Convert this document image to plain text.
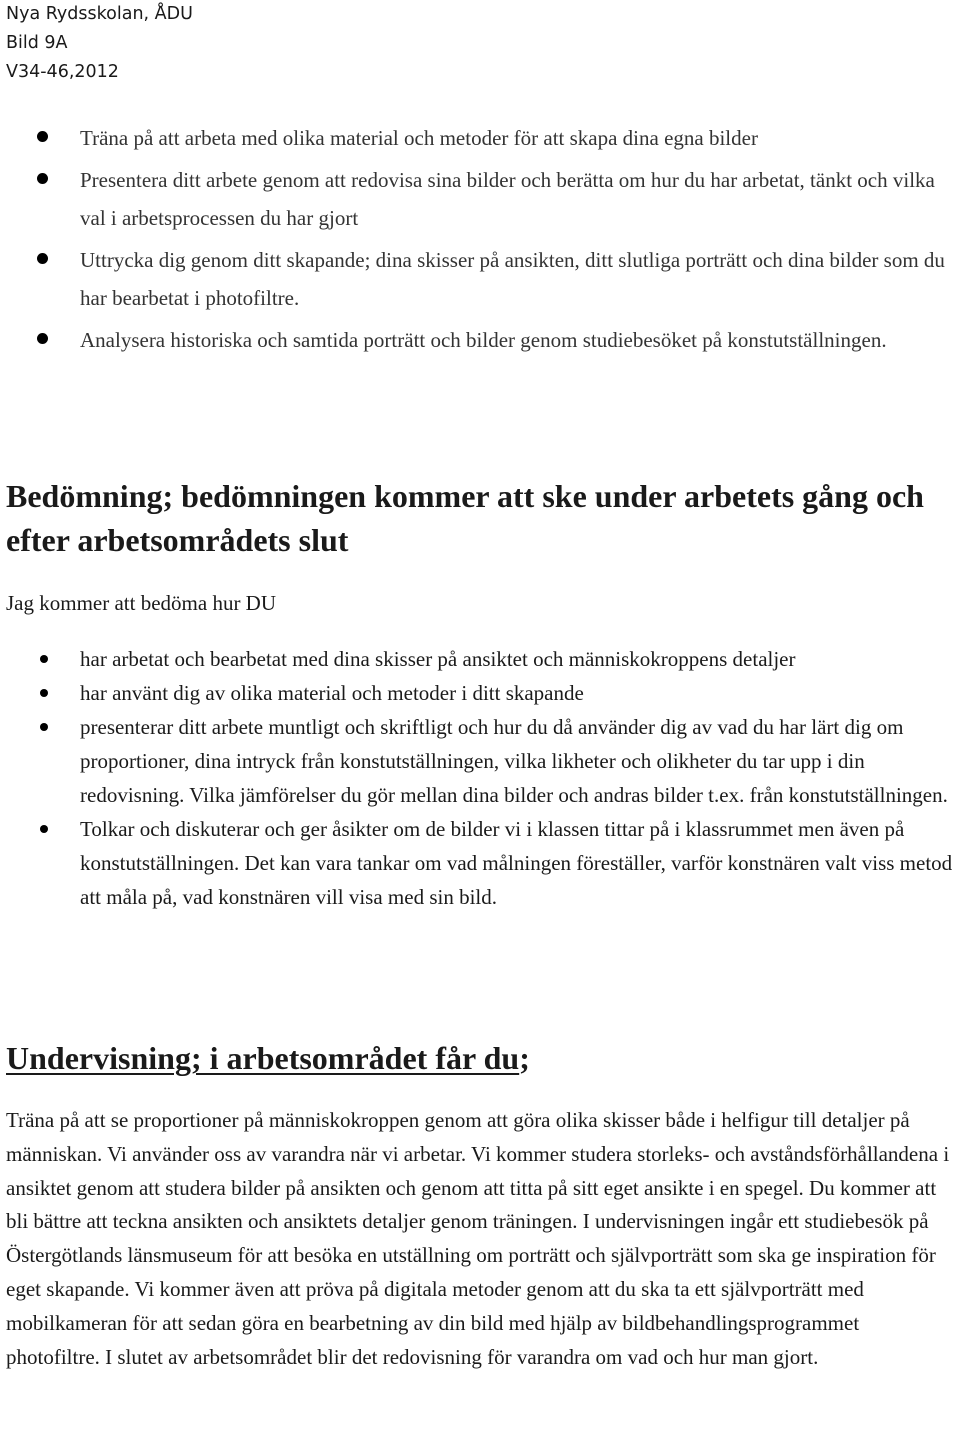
Nya Rydsskolan, ÅDU
Bild 9A
V34-46,2012
Träna på att arbeta med olika material och metoder för att skapa dina egna bilder
Presentera ditt arbete genom att redovisa sina bilder och berätta om hur du har arbetat, tänkt och vilka val i arbetsprocessen du har gjort
Uttrycka dig genom ditt skapande; dina skisser på ansikten, ditt slutliga porträtt och dina bilder som du har bearbetat i photofiltre.
Analysera historiska och samtida porträtt och bilder genom studiebesöket på konstutställningen.
Bedömning; bedömningen kommer att ske under arbetets gång och efter arbetsområdets slut

Jag kommer att bedöma hur DU

har arbetat och bearbetat med dina skisser på ansiktet och människokroppens detaljer
har använt dig av olika material och metoder i ditt skapande
presenterar ditt arbete muntligt och skriftligt och hur du då använder dig av vad du har lärt dig om proportioner, dina intryck från konstutställningen, vilka likheter och olikheter du tar upp i din redovisning. Vilka jämförelser du gör mellan dina bilder och andras bilder t.ex. från konstutställningen.
Tolkar och diskuterar och ger åsikter om de bilder vi i klassen tittar på i klassrummet men även på konstutställningen. Det kan vara tankar om vad målningen föreställer, varför konstnären valt viss metod att måla på, vad konstnären vill visa med sin bild.
Undervisning; i arbetsområdet får du;

Träna på att se proportioner på människokroppen genom att göra olika skisser både i helfigur till detaljer på människan. Vi använder oss av varandra när vi arbetar. Vi kommer studera storleks- och avståndsförhållandena i ansiktet genom att studera bilder på ansikten och genom att titta på sitt eget ansikte i en spegel. Du kommer att bli bättre att teckna ansikten och ansiktets detaljer genom träningen. I undervisningen ingår ett studiebesök på Östergötlands länsmuseum för att besöka en utställning om porträtt och självporträtt som ska ge inspiration för eget skapande. Vi kommer även att pröva på digitala metoder genom att du ska ta ett självporträtt med mobilkameran för att sedan göra en bearbetning av din bild med hjälp av bildbehandlingsprogrammet photofiltre. I slutet av arbetsområdet blir det redovisning för varandra om vad och hur man gjort.
